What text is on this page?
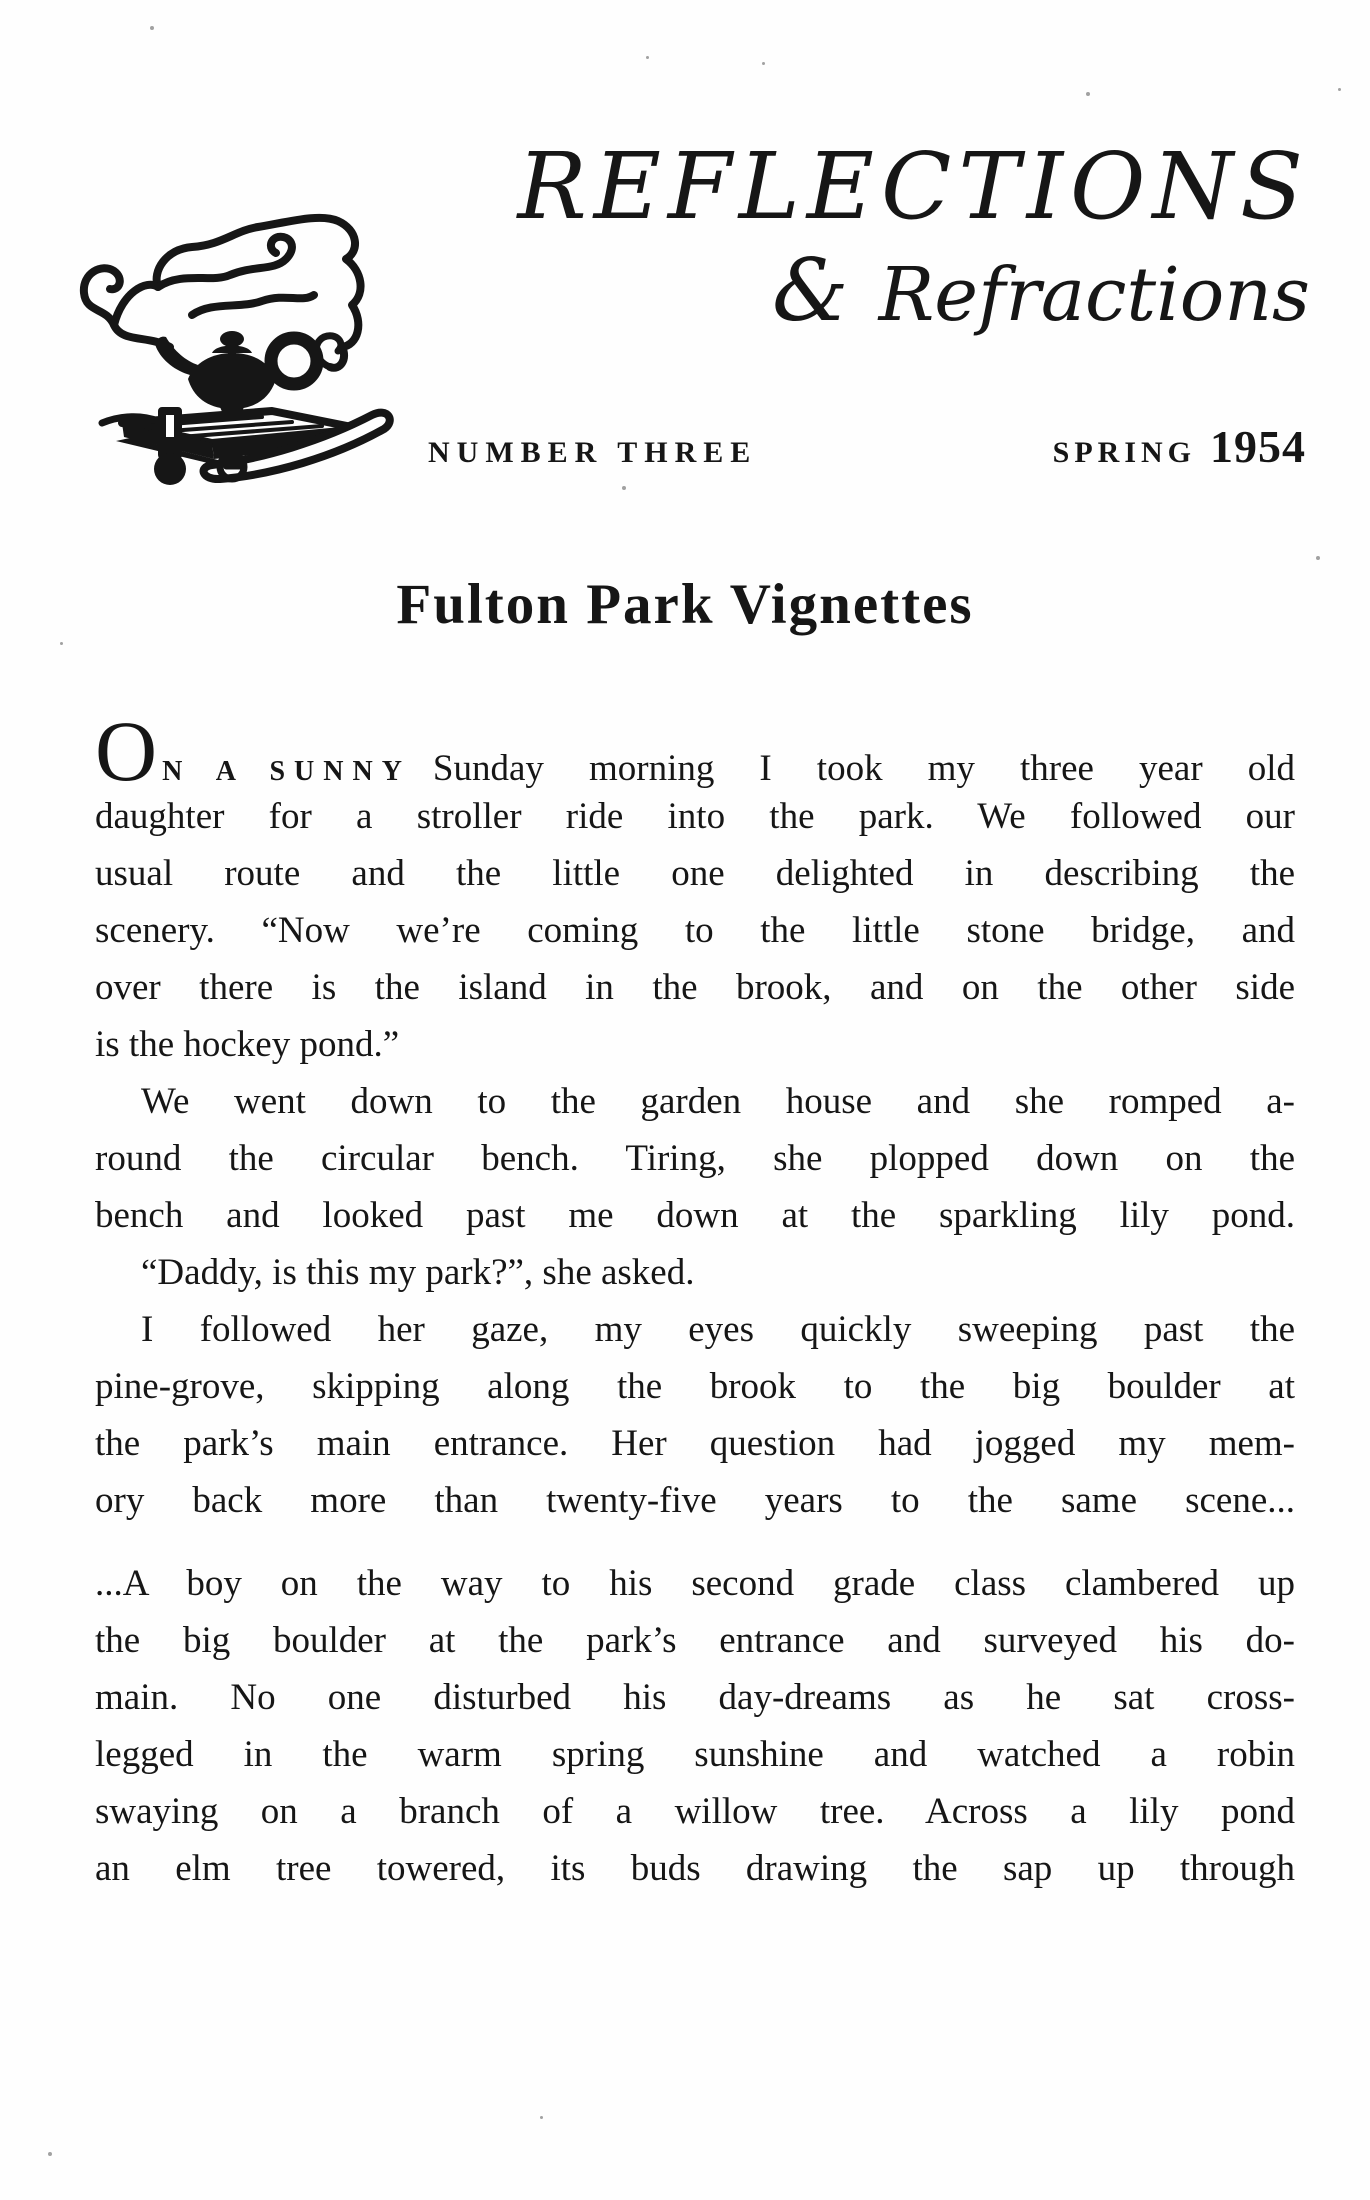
REFLECTIONS
& Refractions
NUMBER THREE	SPRING 1954
Fulton Park Vignettes
O N A SUNNY Sunday morning I took my three year old
daughter for a stroller ride into the park. We followed our
usual route and the little one delighted in describing the
scenery. “Now we’re coming to the little stone bridge, and
over there is the island in the brook, and on the other side
is the hockey pond.”
We went down to the garden house and she romped a-
round the circular bench. Tiring, she plopped down on the
bench and looked past me down at the sparkling lily pond.
“Daddy, is this my park?”, she asked.
I followed her gaze, my eyes quickly sweeping past the
pine-grove, skipping along the brook to the big boulder at
the park’s main entrance. Her question had jogged my mem-
ory back more than twenty-five years to the same scene...
...A boy on the way to his second grade class clambered up
the big boulder at the park’s entrance and surveyed his do-
main. No one disturbed his day-dreams as he sat cross-
legged in the warm spring sunshine and watched a robin
swaying on a branch of a willow tree. Across a lily pond
an elm tree towered, its buds drawing the sap up through
